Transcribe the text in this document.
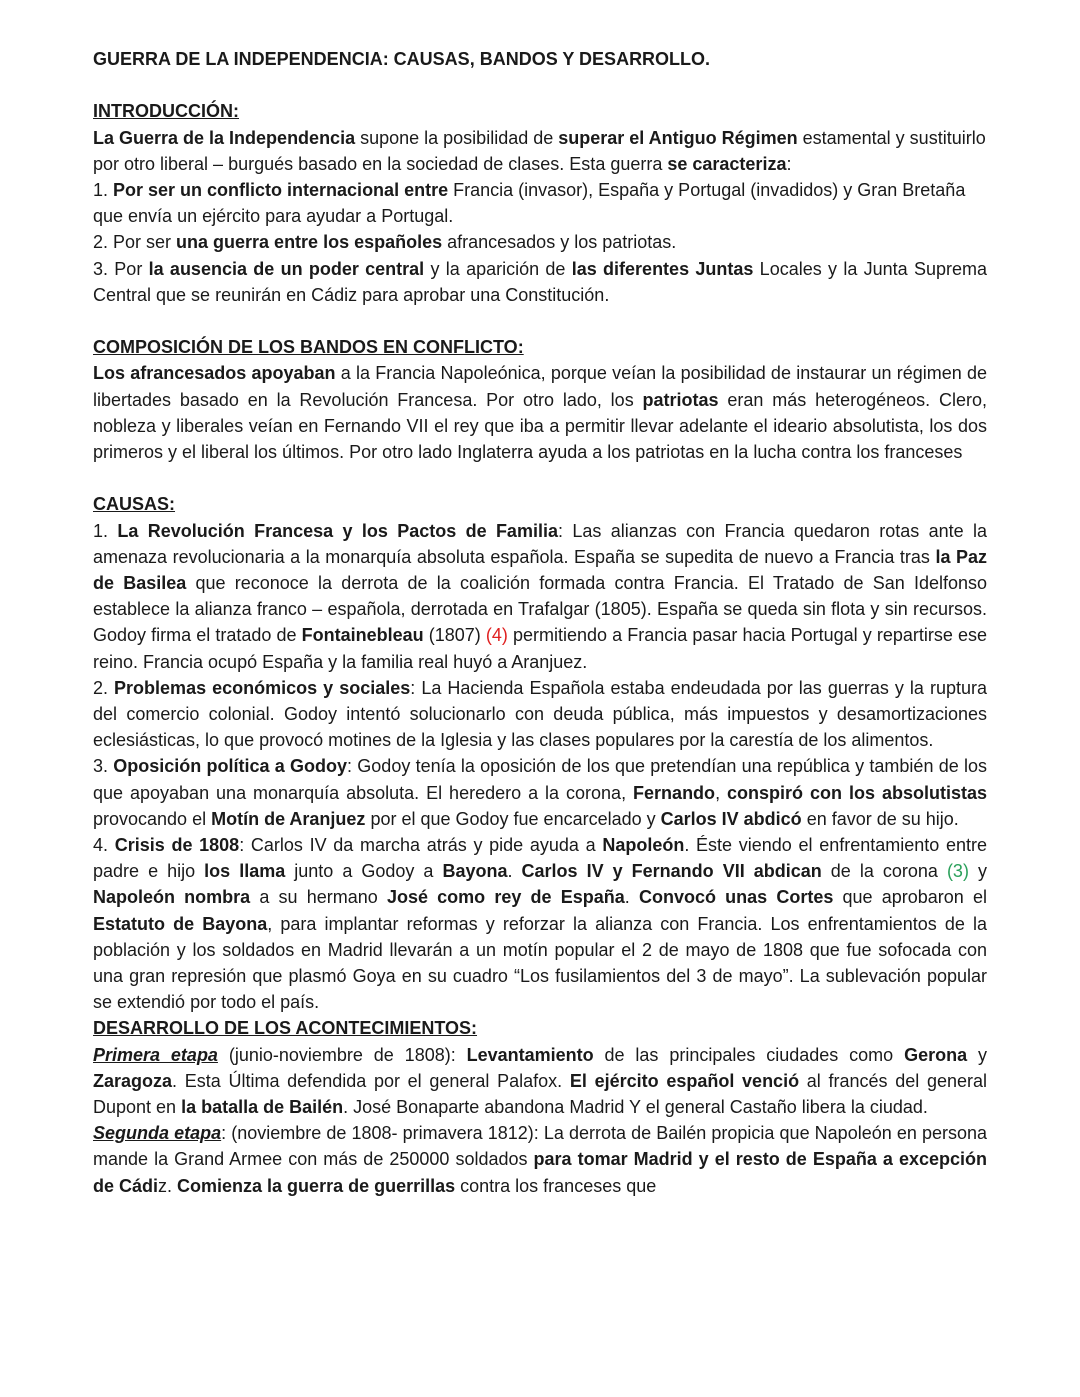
GUERRA DE LA INDEPENDENCIA: CAUSAS, BANDOS Y DESARROLLO.

INTRODUCCIÓN:

La Guerra de la Independencia supone la posibilidad de superar el Antiguo Régimen estamental y sustituirlo por otro liberal – burgués basado en la sociedad de clases. Esta guerra se caracteriza:

1. Por ser un conflicto internacional entre Francia (invasor), España y Portugal (invadidos) y Gran Bretaña que envía un ejército para ayudar a Portugal.

2. Por ser una guerra entre los españoles afrancesados y los patriotas.

3. Por la ausencia de un poder central y la aparición de las diferentes Juntas Locales y la Junta Suprema Central que se reunirán en Cádiz para aprobar una Constitución.

COMPOSICIÓN DE LOS BANDOS EN CONFLICTO:

Los afrancesados apoyaban a la Francia Napoleónica, porque veían la posibilidad de instaurar un régimen de libertades basado en la Revolución Francesa. Por otro lado, los patriotas eran más heterogéneos. Clero, nobleza y liberales veían en Fernando VII el rey que iba a permitir llevar adelante el ideario absolutista, los dos primeros y el liberal los últimos. Por otro lado Inglaterra ayuda a los patriotas en la lucha contra los franceses

CAUSAS:

1. La Revolución Francesa y los Pactos de Familia: Las alianzas con Francia quedaron rotas ante la amenaza revolucionaria a la monarquía absoluta española. España se supedita de nuevo a Francia tras la Paz de Basilea que reconoce la derrota de la coalición formada contra Francia. El Tratado de San Idelfonso establece la alianza franco – española, derrotada en Trafalgar (1805). España se queda sin flota y sin recursos. Godoy firma el tratado de Fontainebleau (1807) (4) permitiendo a Francia pasar hacia Portugal y repartirse ese reino. Francia ocupó España y la familia real huyó a Aranjuez.

2. Problemas económicos y sociales: La Hacienda Española estaba endeudada por las guerras y la ruptura del comercio colonial. Godoy intentó solucionarlo con deuda pública, más impuestos y desamortizaciones eclesiásticas, lo que provocó motines de la Iglesia y las clases populares por la carestía de los alimentos.

3. Oposición política a Godoy: Godoy tenía la oposición de los que pretendían una república y también de los que apoyaban una monarquía absoluta. El heredero a la corona, Fernando, conspiró con los absolutistas provocando el Motín de Aranjuez por el que Godoy fue encarcelado y Carlos IV abdicó en favor de su hijo.

4. Crisis de 1808: Carlos IV da marcha atrás y pide ayuda a Napoleón. Éste viendo el enfrentamiento entre padre e hijo los llama junto a Godoy a Bayona. Carlos IV y Fernando VII abdican de la corona (3) y Napoleón nombra a su hermano José como rey de España. Convocó unas Cortes que aprobaron el Estatuto de Bayona, para implantar reformas y reforzar la alianza con Francia. Los enfrentamientos de la población y los soldados en Madrid llevarán a un motín popular el 2 de mayo de 1808 que fue sofocada con una gran represión que plasmó Goya en su cuadro “Los fusilamientos del 3 de mayo”. La sublevación popular se extendió por todo el país.

DESARROLLO DE LOS ACONTECIMIENTOS:

Primera etapa (junio-noviembre de 1808): Levantamiento de las principales ciudades como Gerona y Zaragoza. Esta Última defendida por el general Palafox. El ejército español venció al francés del general Dupont en la batalla de Bailén. José Bonaparte abandona Madrid Y el general Castaño libera la ciudad.

Segunda etapa: (noviembre de 1808- primavera 1812): La derrota de Bailén propicia que Napoleón en persona mande la Grand Armee con más de 250000 soldados para tomar Madrid y el resto de España a excepción de Cádiz. Comienza la guerra de guerrillas contra los franceses que
